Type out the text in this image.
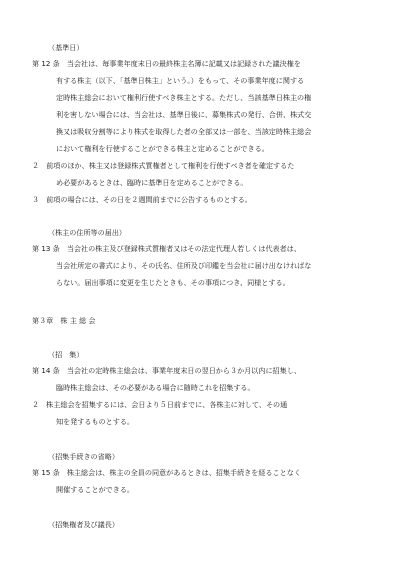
（基準日）
第 12 条　当会社は、毎事業年度末日の最終株主名簿に記載又は記録された議決権を
有する株主（以下、「基準日株主」という。）をもって、その事業年度に関する
定時株主総会において権利行使すべき株主とする。ただし、当該基準日株主の権
利を害しない場合には、当会社は、基準日後に、募集株式の発行、合併、株式交
換又は吸収分割等により株式を取得した者の全部又は一部を、当該定時株主総会
において権利を行使することができる株主と定めることができる。
２　前項のほか、株主又は登録株式質権者として権利を行使すべき者を確定するた
め必要があるときは、臨時に基準日を定めることができる。
３　前項の場合には、その日を２週間前までに公告するものとする。
（株主の住所等の届出）
第 13 条　当会社の株主及び登録株式質権者又はその法定代理人若しくは代表者は、
当会社所定の書式により、その氏名、住所及び印鑑を当会社に届け出なければな
らない。届出事項に変更を生じたときも、その事項につき、同様とする。
第３章　株 主 総 会
（招　集）
第 14 条　当会社の定時株主総会は、事業年度末日の翌日から３か月以内に招集し、
臨時株主総会は、その必要がある場合に随時これを招集する。
２　株主総会を招集するには、会日より５日前までに、各株主に対して、その通
知を発するものとする。
（招集手続きの省略）
第 15 条　株主総会は、株主の全員の同意があるときは、招集手続きを経ることなく
開催することができる。
（招集権者及び議長）
